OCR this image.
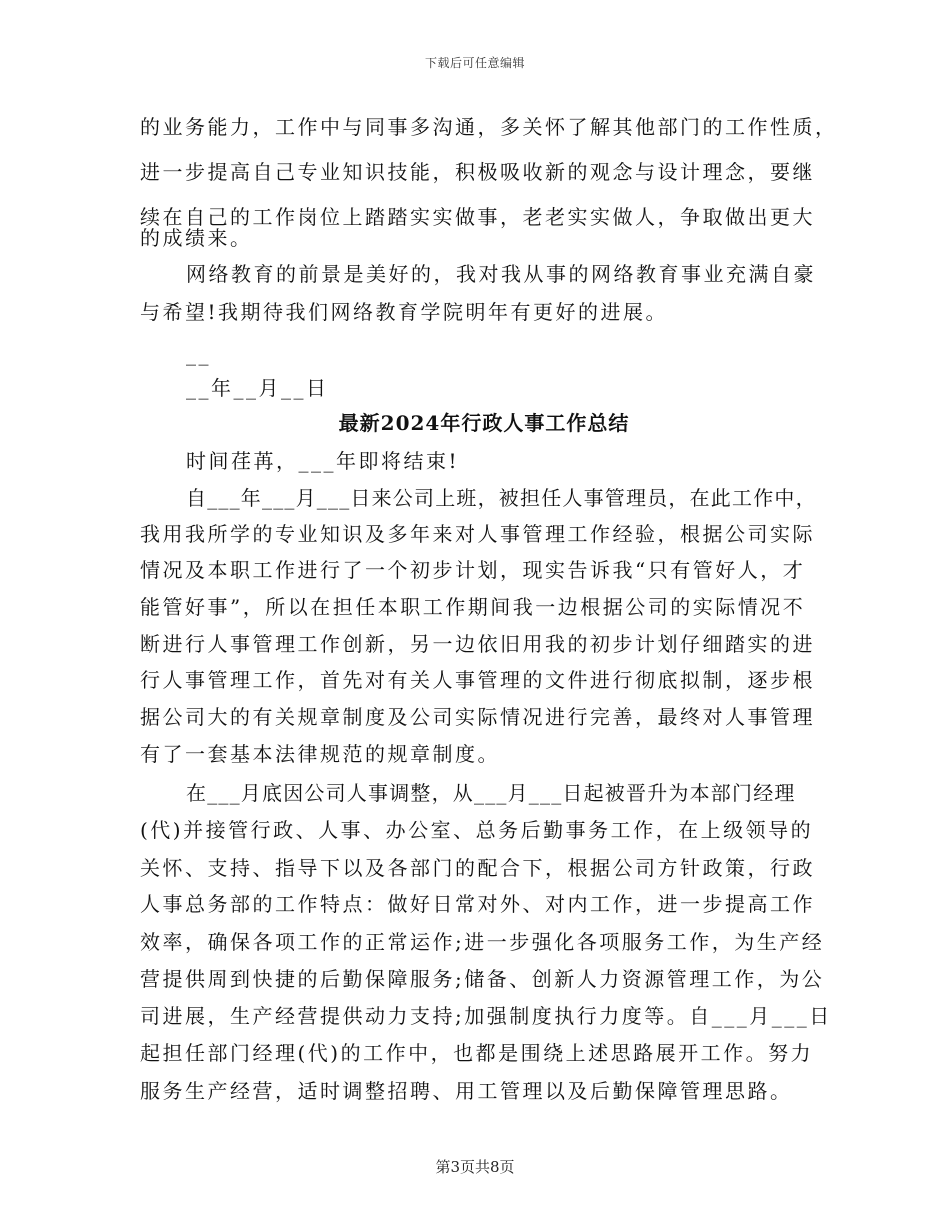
下载后可任意编辑
的业务能力，工作中与同事多沟通，多关怀了解其他部门的工作性质，
进一步提高自己专业知识技能，积极吸收新的观念与设计理念，要继
续在自己的工作岗位上踏踏实实做事，老老实实做人，争取做出更大
的成绩来。
网络教育的前景是美好的，我对我从事的网络教育事业充满自豪
与希望!我期待我们网络教育学院明年有更好的进展。
__
__年__月__日
最新2024年行政人事工作总结
时间荏苒，___年即将结束!
自___年___月___日来公司上班，被担任人事管理员，在此工作中，
我用我所学的专业知识及多年来对人事管理工作经验，根据公司实际
情况及本职工作进行了一个初步计划，现实告诉我“只有管好人，才
能管好事”，所以在担任本职工作期间我一边根据公司的实际情况不
断进行人事管理工作创新，另一边依旧用我的初步计划仔细踏实的进
行人事管理工作，首先对有关人事管理的文件进行彻底拟制，逐步根
据公司大的有关规章制度及公司实际情况进行完善，最终对人事管理
有了一套基本法律规范的规章制度。
在___月底因公司人事调整，从___月___日起被晋升为本部门经理
(代)并接管行政、人事、办公室、总务后勤事务工作，在上级领导的
关怀、支持、指导下以及各部门的配合下，根据公司方针政策，行政
人事总务部的工作特点：做好日常对外、对内工作，进一步提高工作
效率，确保各项工作的正常运作;进一步强化各项服务工作，为生产经
营提供周到快捷的后勤保障服务;储备、创新人力资源管理工作，为公
司进展，生产经营提供动力支持;加强制度执行力度等。自___月___日
起担任部门经理(代)的工作中，也都是围绕上述思路展开工作。努力
服务生产经营，适时调整招聘、用工管理以及后勤保障管理思路。
第3页共8页
